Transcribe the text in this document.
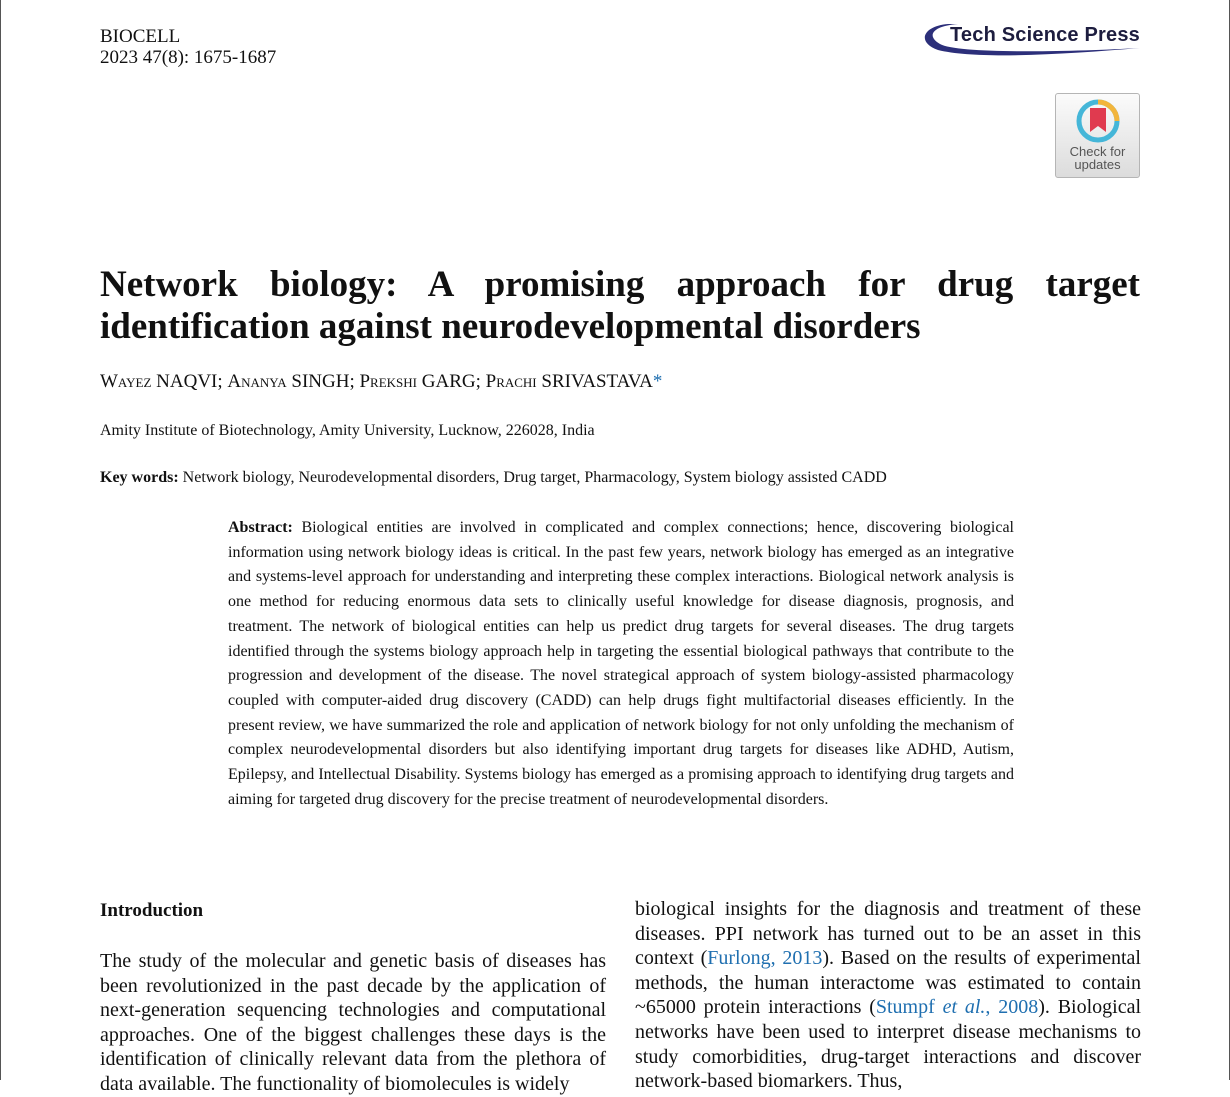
BIOCELL
2023 47(8): 1675-1687
Tech Science Press
Check for updates
Network biology: A promising approach for drug target identification against neurodevelopmental disorders
Wayez NAQVI; Ananya SINGH; Prekshi GARG; Prachi SRIVASTAVA*
Amity Institute of Biotechnology, Amity University, Lucknow, 226028, India
Key words: Network biology, Neurodevelopmental disorders, Drug target, Pharmacology, System biology assisted CADD
Abstract: Biological entities are involved in complicated and complex connections; hence, discovering biological information using network biology ideas is critical. In the past few years, network biology has emerged as an integrative and systems-level approach for understanding and interpreting these complex interactions. Biological network analysis is one method for reducing enormous data sets to clinically useful knowledge for disease diagnosis, prognosis, and treatment. The network of biological entities can help us predict drug targets for several diseases. The drug targets identified through the systems biology approach help in targeting the essential biological pathways that contribute to the progression and development of the disease. The novel strategical approach of system biology-assisted pharmacology coupled with computer-aided drug discovery (CADD) can help drugs fight multifactorial diseases efficiently. In the present review, we have summarized the role and application of network biology for not only unfolding the mechanism of complex neurodevelopmental disorders but also identifying important drug targets for diseases like ADHD, Autism, Epilepsy, and Intellectual Disability. Systems biology has emerged as a promising approach to identifying drug targets and aiming for targeted drug discovery for the precise treatment of neurodevelopmental disorders.
Introduction

The study of the molecular and genetic basis of diseases has been revolutionized in the past decade by the application of next-generation sequencing technologies and computational approaches. One of the biggest challenges these days is the identification of clinically relevant data from the plethora of data available. The functionality of biomolecules is widely

biological insights for the diagnosis and treatment of these diseases. PPI network has turned out to be an asset in this context (Furlong, 2013). Based on the results of experimental methods, the human interactome was estimated to contain ~65000 protein interactions (Stumpf et al., 2008). Biological networks have been used to interpret disease mechanisms to study comorbidities, drug-target interactions and discover network-based biomarkers. Thus,
